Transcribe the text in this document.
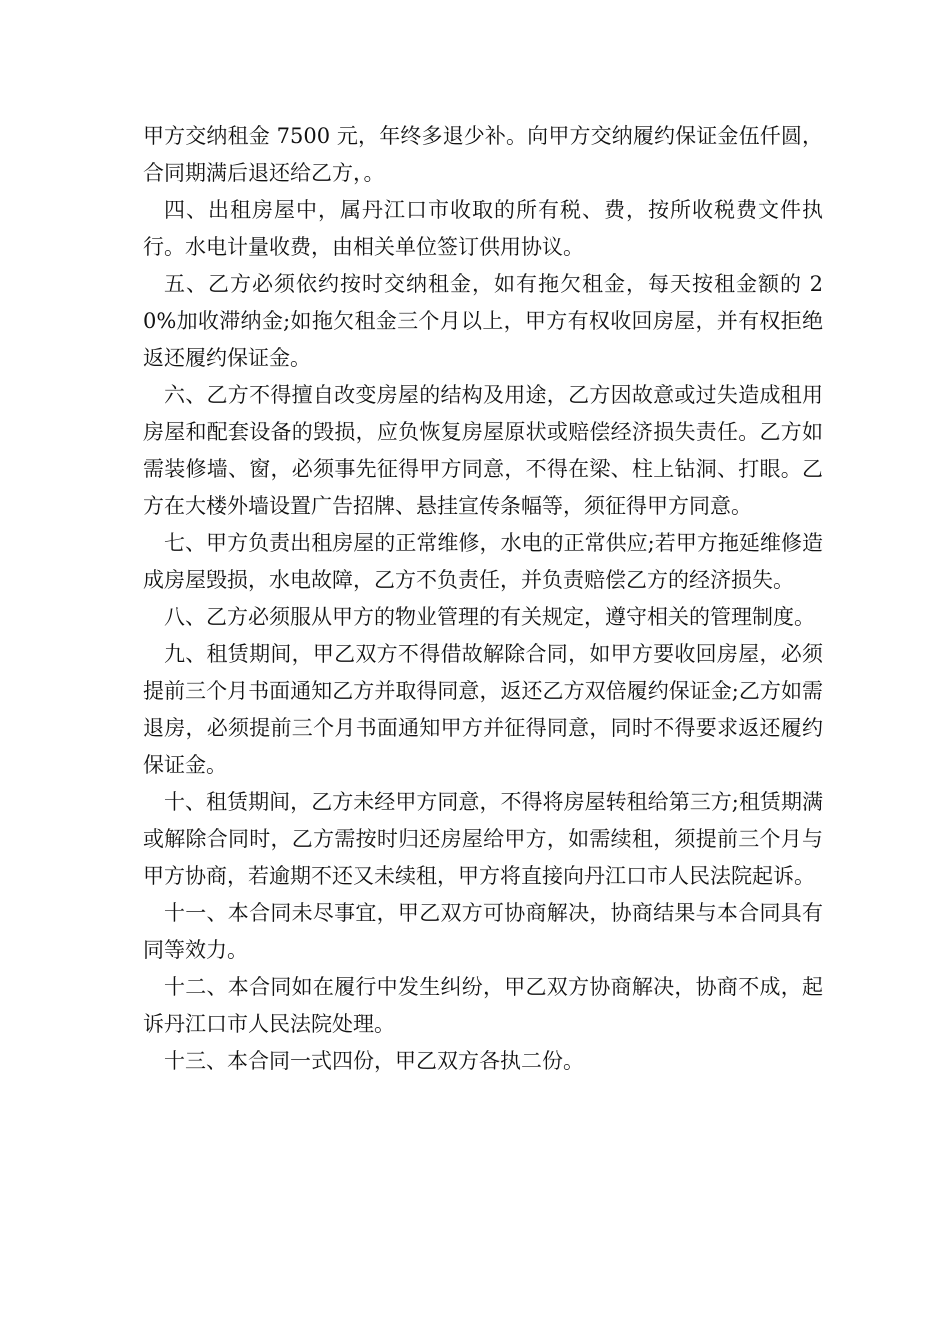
甲方交纳租金 7500 元，年终多退少补。向甲方交纳履约保证金伍仟圆，合同期满后退还给乙方，。

四、出租房屋中，属丹江口市收取的所有税、费，按所收税费文件执行。水电计量收费，由相关单位签订供用协议。

五、乙方必须依约按时交纳租金，如有拖欠租金，每天按租金额的 20%加收滞纳金;如拖欠租金三个月以上，甲方有权收回房屋，并有权拒绝返还履约保证金。

六、乙方不得擅自改变房屋的结构及用途，乙方因故意或过失造成租用房屋和配套设备的毁损，应负恢复房屋原状或赔偿经济损失责任。乙方如需装修墙、窗，必须事先征得甲方同意，不得在梁、柱上钻洞、打眼。乙方在大楼外墙设置广告招牌、悬挂宣传条幅等，须征得甲方同意。

七、甲方负责出租房屋的正常维修，水电的正常供应;若甲方拖延维修造成房屋毁损，水电故障，乙方不负责任，并负责赔偿乙方的经济损失。

八、乙方必须服从甲方的物业管理的有关规定，遵守相关的管理制度。

九、租赁期间，甲乙双方不得借故解除合同，如甲方要收回房屋，必须提前三个月书面通知乙方并取得同意，返还乙方双倍履约保证金;乙方如需退房，必须提前三个月书面通知甲方并征得同意，同时不得要求返还履约保证金。

十、租赁期间，乙方未经甲方同意，不得将房屋转租给第三方;租赁期满或解除合同时，乙方需按时归还房屋给甲方，如需续租，须提前三个月与甲方协商，若逾期不还又未续租，甲方将直接向丹江口市人民法院起诉。

十一、本合同未尽事宜，甲乙双方可协商解决，协商结果与本合同具有同等效力。

十二、本合同如在履行中发生纠纷，甲乙双方协商解决，协商不成，起诉丹江口市人民法院处理。

十三、本合同一式四份，甲乙双方各执二份。
